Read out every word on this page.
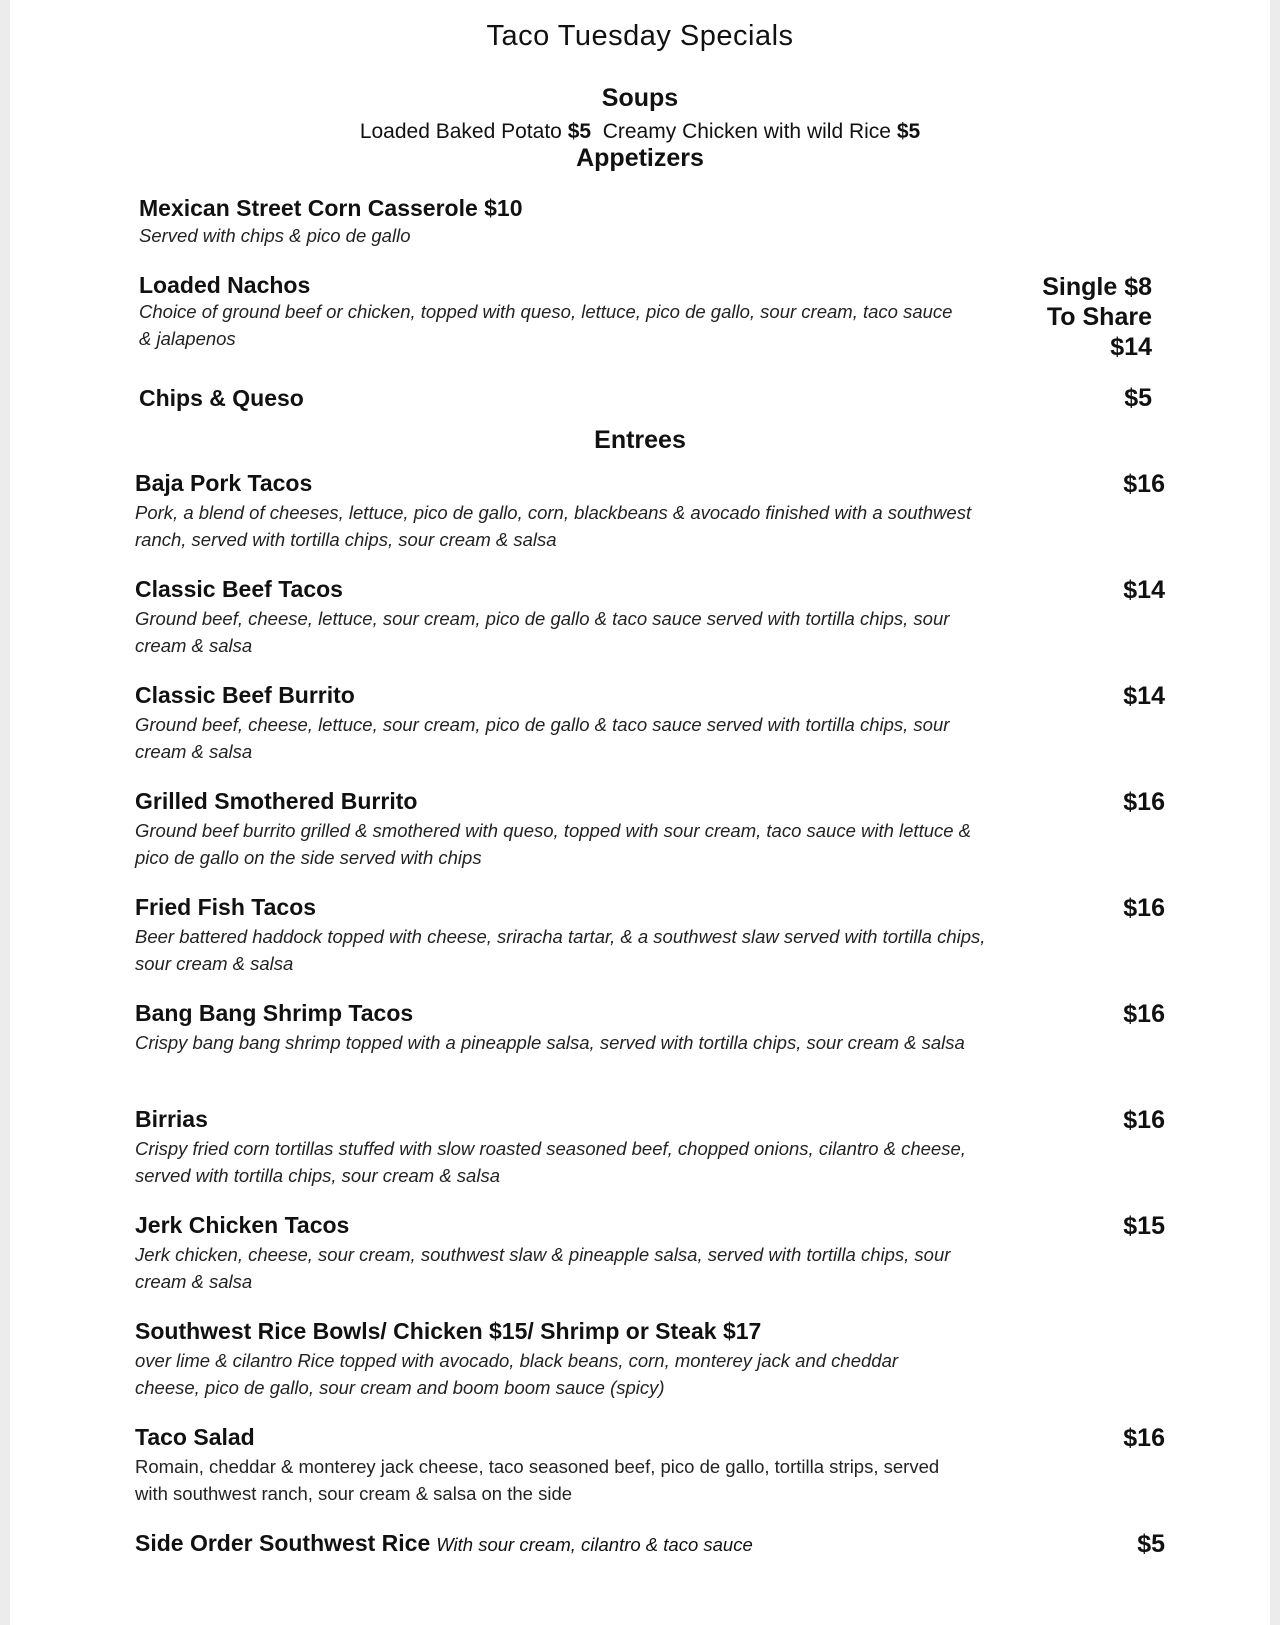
Taco Tuesday Specials
Soups
Loaded Baked Potato $5 Creamy Chicken with wild Rice $5
Appetizers
Mexican Street Corn Casserole $10
Served with chips & pico de gallo
Loaded Nachos
Choice of ground beef or chicken, topped with queso, lettuce, pico de gallo, sour cream, taco sauce & jalapenos
Single $8
To Share
$14
Chips & Queso	$5
Entrees
Baja Pork Tacos	$16
Pork, a blend of cheeses, lettuce, pico de gallo, corn, blackbeans & avocado finished with a southwest ranch, served with tortilla chips, sour cream & salsa
Classic Beef Tacos	$14
Ground beef, cheese, lettuce, sour cream, pico de gallo & taco sauce served with tortilla chips, sour cream & salsa
Classic Beef Burrito	$14
Ground beef, cheese, lettuce, sour cream, pico de gallo & taco sauce served with tortilla chips, sour cream & salsa
Grilled Smothered Burrito	$16
Ground beef burrito grilled & smothered with queso, topped with sour cream, taco sauce with lettuce & pico de gallo on the side served with chips
Fried Fish Tacos	$16
Beer battered haddock topped with cheese, sriracha tartar, & a southwest slaw served with tortilla chips, sour cream & salsa
Bang Bang Shrimp Tacos	$16
Crispy bang bang shrimp topped with a pineapple salsa, served with tortilla chips, sour cream & salsa
Birrias	$16
Crispy fried corn tortillas stuffed with slow roasted seasoned beef, chopped onions, cilantro & cheese, served with tortilla chips, sour cream & salsa
Jerk Chicken Tacos	$15
Jerk chicken, cheese, sour cream, southwest slaw & pineapple salsa, served with tortilla chips, sour cream & salsa
Southwest Rice Bowls/ Chicken $15/ Shrimp or Steak $17
over lime & cilantro Rice topped with avocado, black beans, corn, monterey jack and cheddar cheese, pico de gallo, sour cream and boom boom sauce (spicy)
Taco Salad	$16
Romain, cheddar & monterey jack cheese, taco seasoned beef, pico de gallo, tortilla strips, served with southwest ranch, sour cream & salsa on the side
Side Order Southwest Rice With sour cream, cilantro & taco sauce	$5
